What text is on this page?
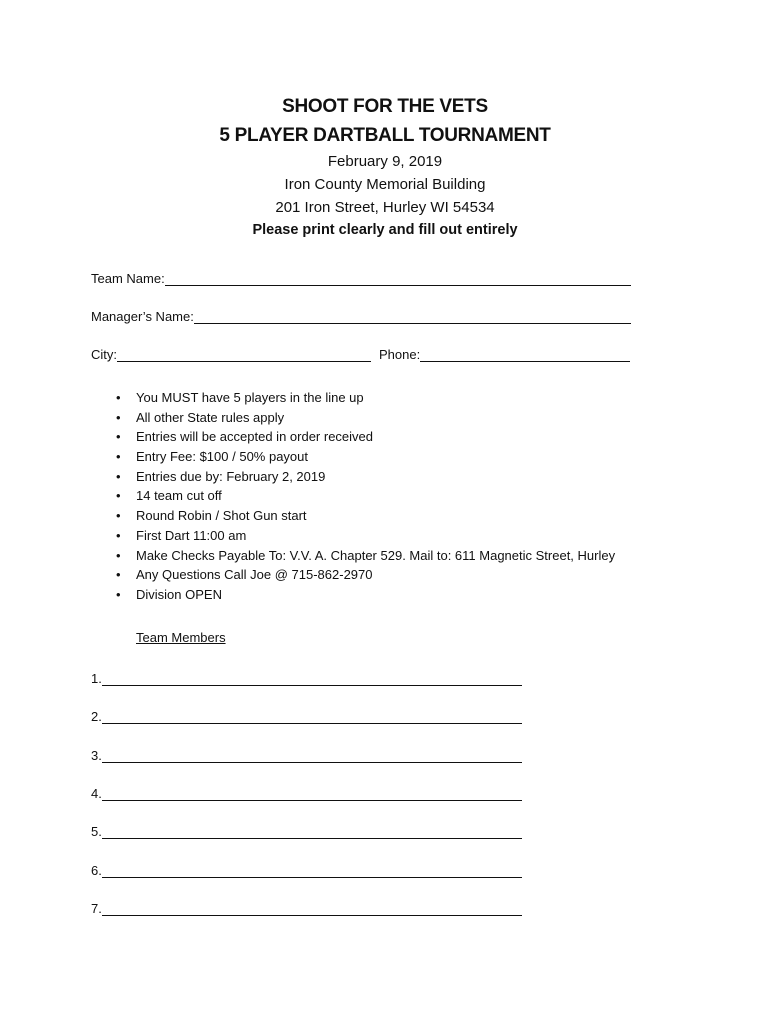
SHOOT FOR THE VETS
5 PLAYER DARTBALL TOURNAMENT
February 9, 2019
Iron County Memorial Building
201 Iron Street, Hurley WI 54534
Please print clearly and fill out entirely
Team Name:
Manager’s Name:
City:	Phone:
•	You MUST have 5 players in the line up
•	All other State rules apply
•	Entries will be accepted in order received
•	Entry Fee: $100 / 50% payout
•	Entries due by: February 2, 2019
•	14 team cut off
•	Round Robin / Shot Gun start
•	First Dart 11:00 am
•	Make Checks Payable To: V.V. A. Chapter 529. Mail to: 611 Magnetic Street, Hurley
•	Any Questions Call Joe @ 715-862-2970
•	Division OPEN
Team Members
1.
2.
3.
4.
5.
6.
7.
